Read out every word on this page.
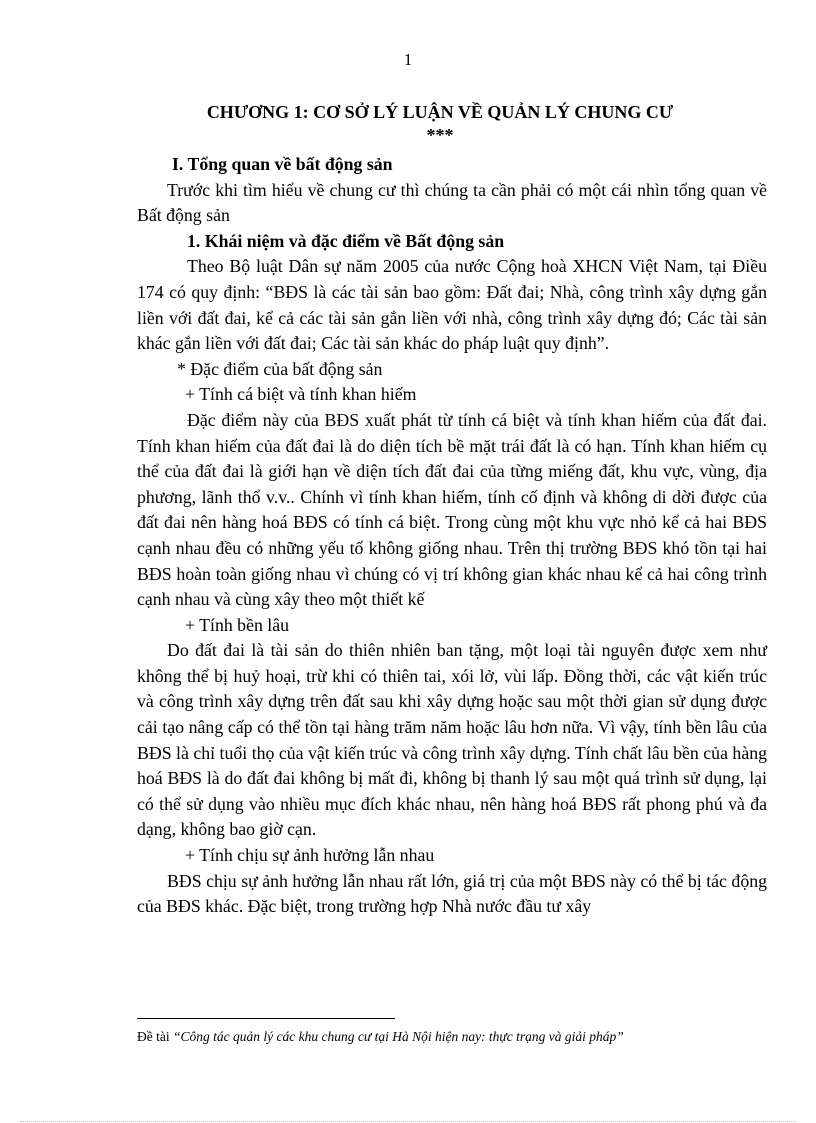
1
CHƯƠNG 1: CƠ SỞ LÝ LUẬN VỀ QUẢN LÝ CHUNG CƯ
***

I. Tổng quan về bất động sản

Trước khi tìm hiểu về chung cư thì chúng ta cần phải có một cái nhìn tổng quan về Bất động sản

1. Khái niệm và đặc điểm về Bất động sản

Theo Bộ luật Dân sự năm 2005 của nước Cộng hoà XHCN Việt Nam, tại Điều 174 có quy định: “BĐS là các tài sản bao gồm: Đất đai; Nhà, công trình xây dựng gắn liền với đất đai, kể cả các tài sản gắn liền với nhà, công trình xây dựng đó; Các tài sản khác gắn liền với đất đai; Các tài sản khác do pháp luật quy định”.

* Đặc điểm của bất động sản

+ Tính cá biệt và tính khan hiếm

Đặc điểm này của BĐS xuất phát từ tính cá biệt và tính khan hiếm của đất đai. Tính khan hiếm của đất đai là do diện tích bề mặt trái đất là có hạn. Tính khan hiếm cụ thể của đất đai là giới hạn về diện tích đất đai của từng miếng đất, khu vực, vùng, địa phương, lãnh thổ v.v.. Chính vì tính khan hiếm, tính cố định và không di dời được của đất đai nên hàng hoá BĐS có tính cá biệt. Trong cùng một khu vực nhỏ kể cả hai BĐS cạnh nhau đều có những yếu tố không giống nhau. Trên thị trường BĐS khó tồn tại hai BĐS hoàn toàn giống nhau vì chúng có vị trí không gian khác nhau kể cả hai công trình cạnh nhau và cùng xây theo một thiết kế

+ Tính bền lâu

Do đất đai là tài sản do thiên nhiên ban tặng, một loại tài nguyên được xem như không thể bị huỷ hoại, trừ khi có thiên tai, xói lở, vùi lấp. Đồng thời, các vật kiến trúc và công trình xây dựng trên đất sau khi xây dựng hoặc sau một thời gian sử dụng được cải tạo nâng cấp có thể tồn tại hàng trăm năm hoặc lâu hơn nữa. Vì vậy, tính bền lâu của BĐS là chỉ tuổi thọ của vật kiến trúc và công trình xây dựng. Tính chất lâu bền của hàng hoá BĐS là do đất đai không bị mất đi, không bị thanh lý sau một quá trình sử dụng, lại có thể sử dụng vào nhiều mục đích khác nhau, nên hàng hoá BĐS rất phong phú và đa dạng, không bao giờ cạn.

+ Tính chịu sự ảnh hưởng lẫn nhau

BĐS chịu sự ảnh hưởng lẫn nhau rất lớn, giá trị của một BĐS này có thể bị tác động của BĐS khác. Đặc biệt, trong trường hợp Nhà nước đầu tư xây

Đề tài “Công tác quản lý các khu chung cư tại Hà Nội hiện nay: thực trạng và giải pháp”
